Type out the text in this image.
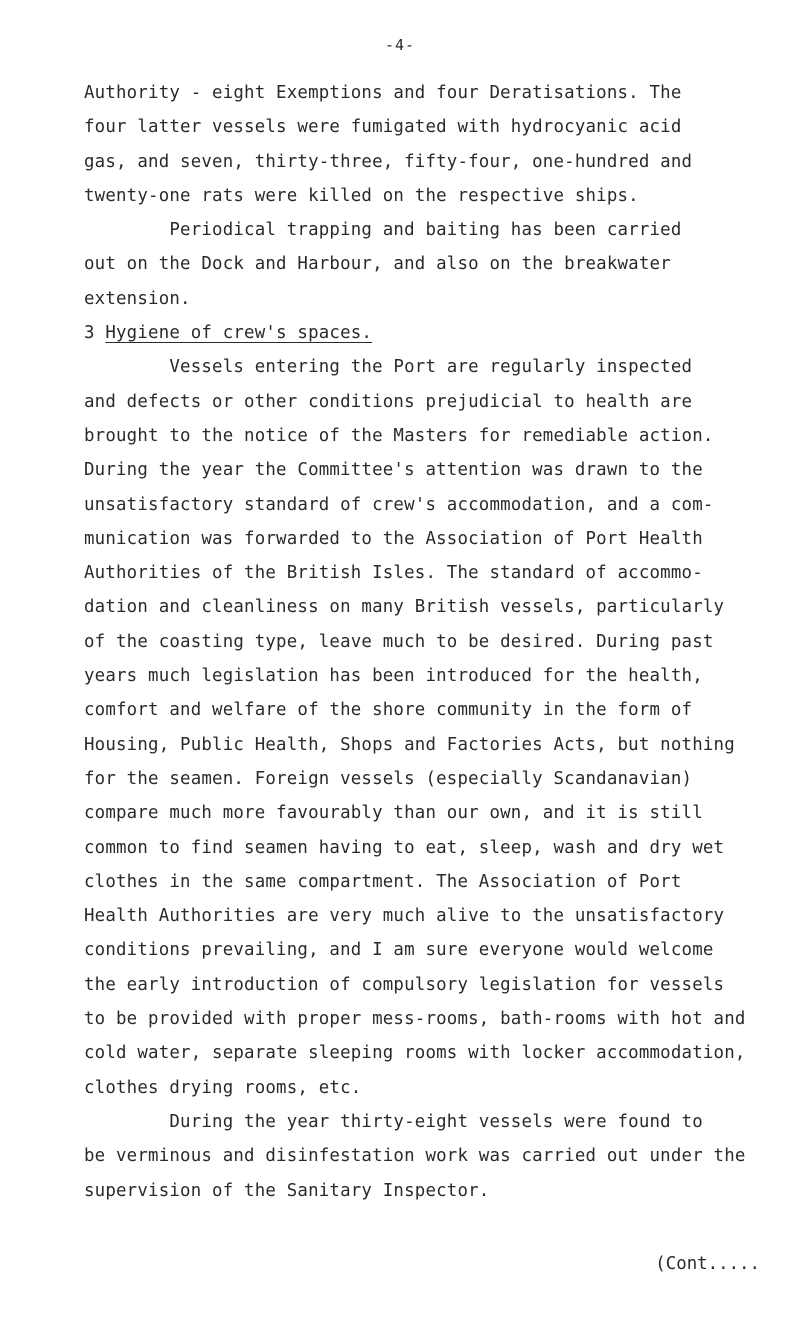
-4-
Authority - eight Exemptions and four Deratisations. The
four latter vessels were fumigated with hydrocyanic acid
gas, and seven, thirty-three, fifty-four, one-hundred and
twenty-one rats were killed on the respective ships.
Periodical trapping and baiting has been carried
out on the Dock and Harbour, and also on the breakwater
extension.
3 Hygiene of crew's spaces.
Vessels entering the Port are regularly inspected
and defects or other conditions prejudicial to health are
brought to the notice of the Masters for remediable action.
During the year the Committee's attention was drawn to the
unsatisfactory standard of crew's accommodation, and a com-
munication was forwarded to the Association of Port Health
Authorities of the British Isles. The standard of accommo-
dation and cleanliness on many British vessels, particularly
of the coasting type, leave much to be desired. During past
years much legislation has been introduced for the health,
comfort and welfare of the shore community in the form of
Housing, Public Health, Shops and Factories Acts, but nothing
for the seamen. Foreign vessels (especially Scandanavian)
compare much more favourably than our own, and it is still
common to find seamen having to eat, sleep, wash and dry wet
clothes in the same compartment. The Association of Port
Health Authorities are very much alive to the unsatisfactory
conditions prevailing, and I am sure everyone would welcome
the early introduction of compulsory legislation for vessels
to be provided with proper mess-rooms, bath-rooms with hot and
cold water, separate sleeping rooms with locker accommodation,
clothes drying rooms, etc.
During the year thirty-eight vessels were found to
be verminous and disinfestation work was carried out under the
supervision of the Sanitary Inspector.
(Cont.....
